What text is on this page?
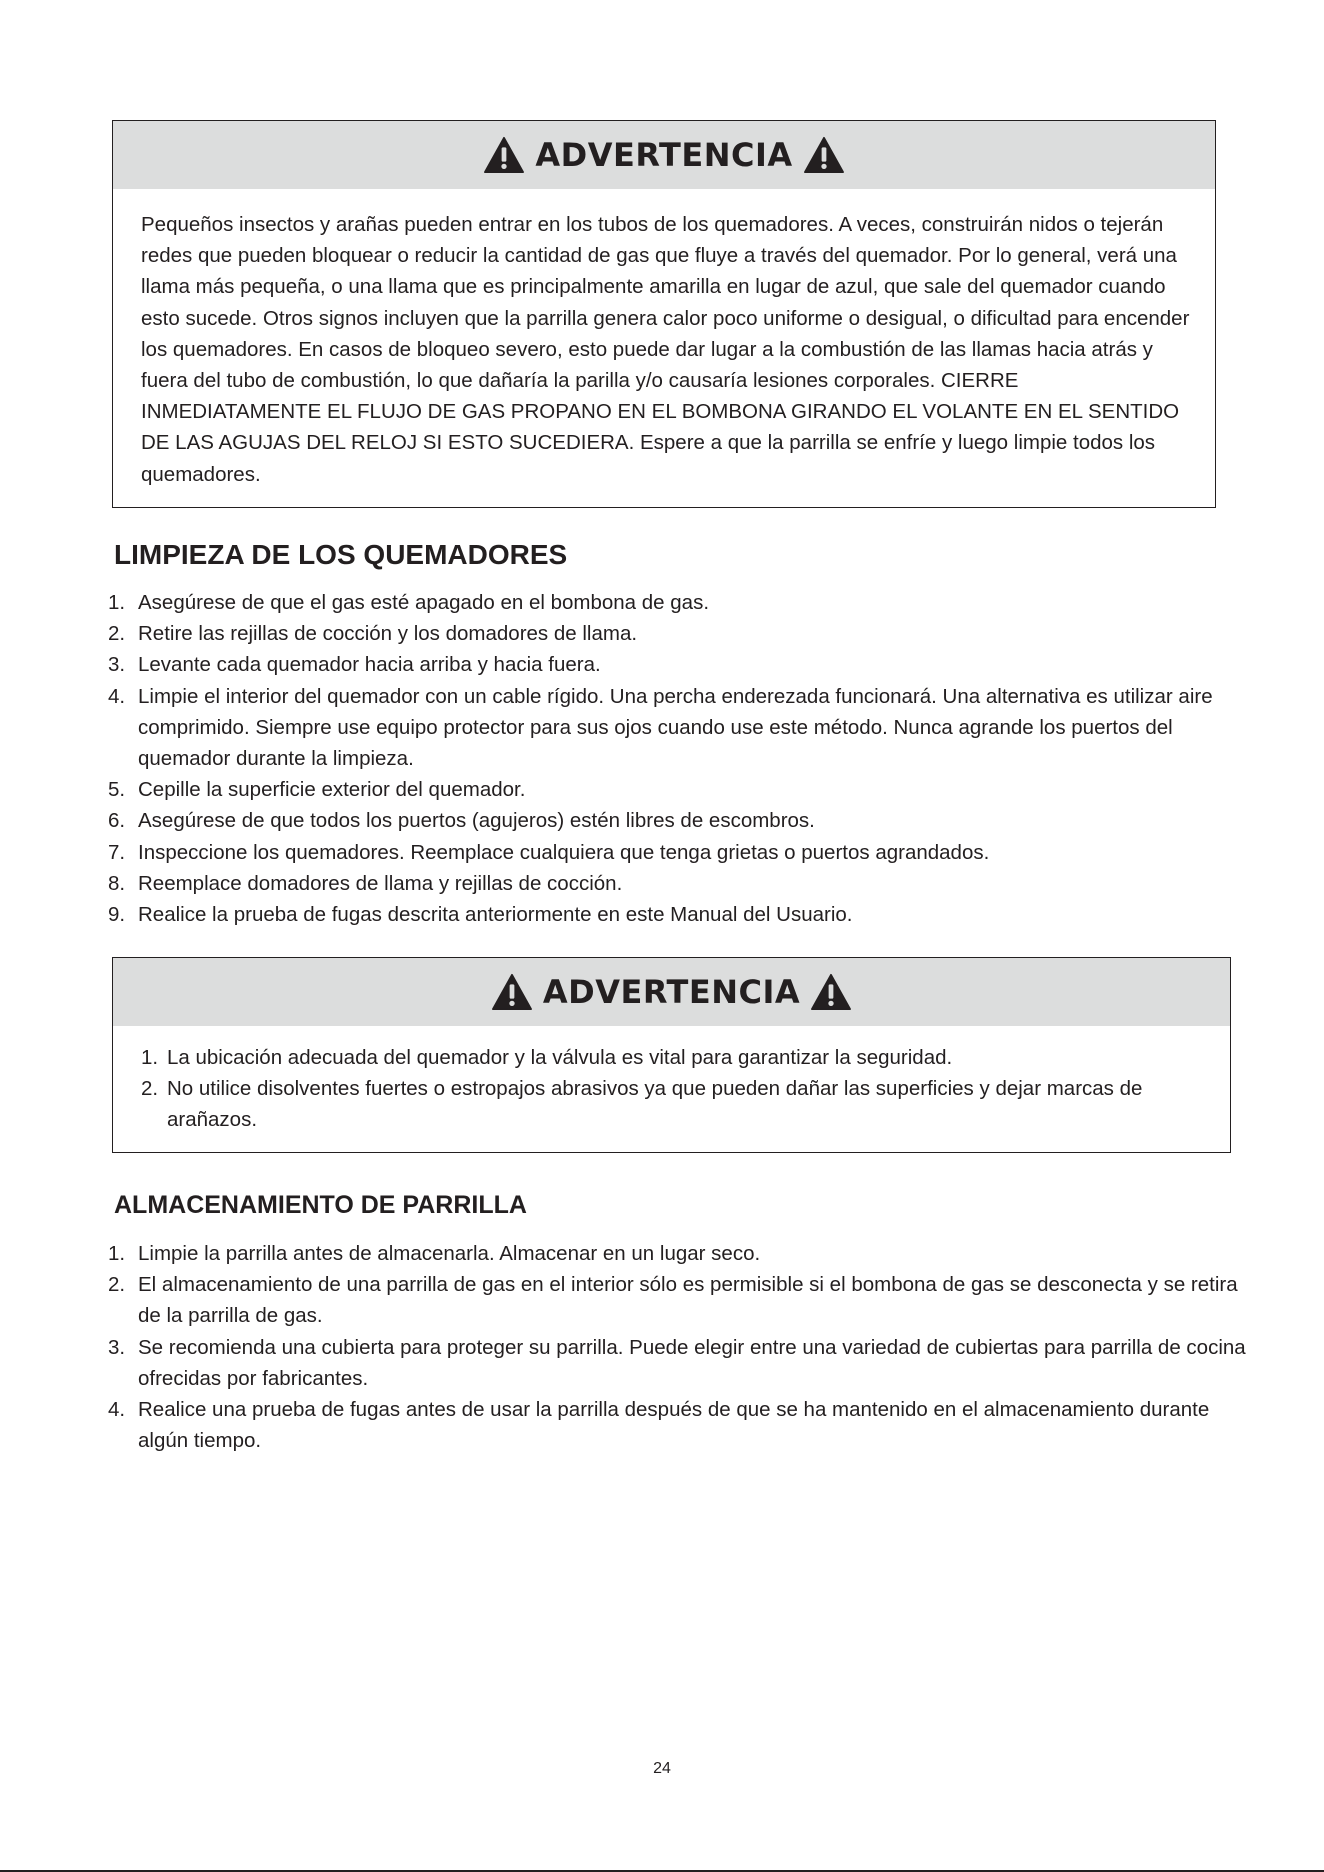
ADVERTENCIA

Pequeños insectos y arañas pueden entrar en los tubos de los quemadores. A veces, construirán nidos o tejerán redes que pueden bloquear o reducir la cantidad de gas que fluye a través del quemador. Por lo general, verá una llama más pequeña, o una llama que es principalmente amarilla en lugar de azul, que sale del quemador cuando esto sucede. Otros signos incluyen que la parrilla genera calor poco uniforme o desigual, o dificultad para encender los quemadores. En casos de bloqueo severo, esto puede dar lugar a la combustión de las llamas hacia atrás y fuera del tubo de combustión, lo que dañaría la parilla y/o causaría lesiones corporales. CIERRE INMEDIATAMENTE EL FLUJO DE GAS PROPANO EN EL BOMBONA GIRANDO EL VOLANTE EN EL SENTIDO DE LAS AGUJAS DEL RELOJ SI ESTO SUCEDIERA. Espere a que la parrilla se enfríe y luego limpie todos los quemadores.

LIMPIEZA DE LOS QUEMADORES
1. Asegúrese de que el gas esté apagado en el bombona de gas.
2. Retire las rejillas de cocción y los domadores de llama.
3. Levante cada quemador hacia arriba y hacia fuera.
4. Limpie el interior del quemador con un cable rígido. Una percha enderezada funcionará. Una alternativa es utilizar aire comprimido. Siempre use equipo protector para sus ojos cuando use este método. Nunca agrande los puertos del quemador durante la limpieza.
5. Cepille la superficie exterior del quemador.
6. Asegúrese de que todos los puertos (agujeros) estén libres de escombros.
7. Inspeccione los quemadores. Reemplace cualquiera que tenga grietas o puertos agrandados.
8. Reemplace domadores de llama y rejillas de cocción.
9. Realice la prueba de fugas descrita anteriormente en este Manual del Usuario.
ADVERTENCIA
1. La ubicación adecuada del quemador y la válvula es vital para garantizar la seguridad.
2. No utilice disolventes fuertes o estropajos abrasivos ya que pueden dañar las superficies y dejar marcas de arañazos.
ALMACENAMIENTO DE PARRILLA
1. Limpie la parrilla antes de almacenarla. Almacenar en un lugar seco.
2. El almacenamiento de una parrilla de gas en el interior sólo es permisible si el bombona de gas se desconecta y se retira de la parrilla de gas.
3. Se recomienda una cubierta para proteger su parrilla. Puede elegir entre una variedad de cubiertas para parrilla de cocina ofrecidas por fabricantes.
4. Realice una prueba de fugas antes de usar la parrilla después de que se ha mantenido en el almacenamiento durante algún tiempo.
24
